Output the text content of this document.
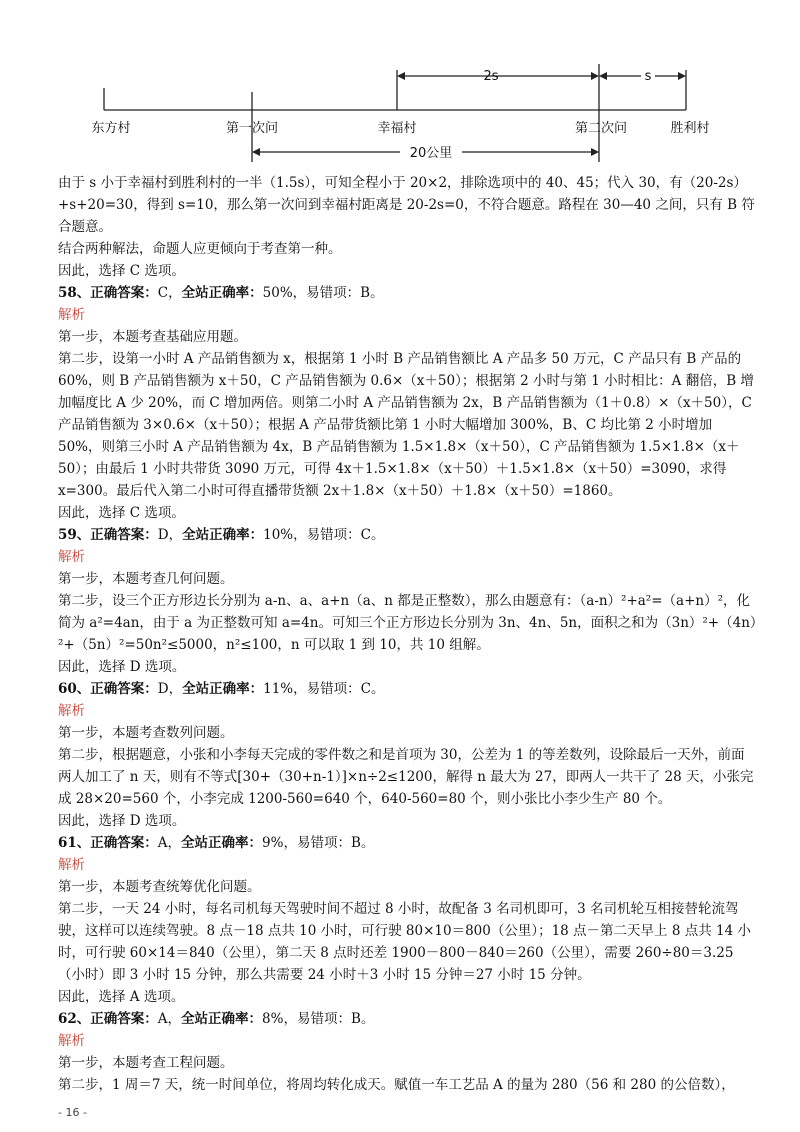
2s	s
20公里
东方村	第一次问	幸福村	第二次问	胜利村

由于 s 小于幸福村到胜利村的一半（1.5s），可知全程小于 20×2，排除选项中的 40、45；代入 30，有（20-2s）+s+20=30，得到 s=10，那么第一次问到幸福村距离是 20-2s=0，不符合题意。路程在 30—40 之间，只有 B 符合题意。

结合两种解法，命题人应更倾向于考查第一种。

因此，选择 C 选项。

58、正确答案：C，全站正确率：50%，易错项：B。

解析

第一步，本题考查基础应用题。

第二步，设第一小时 A 产品销售额为 x，根据第 1 小时 B 产品销售额比 A 产品多 50 万元，C 产品只有 B 产品的 60%，则 B 产品销售额为 x＋50，C 产品销售额为 0.6×（x＋50）；根据第 2 小时与第 1 小时相比：A 翻倍，B 增加幅度比 A 少 20%，而 C 增加两倍。则第二小时 A 产品销售额为 2x，B 产品销售额为（1＋0.8）×（x＋50），C 产品销售额为 3×0.6×（x＋50）；根据 A 产品带货额比第 1 小时大幅增加 300%，B、C 均比第 2 小时增加 50%，则第三小时 A 产品销售额为 4x，B 产品销售额为 1.5×1.8×（x＋50），C 产品销售额为 1.5×1.8×（x＋50）；由最后 1 小时共带货 3090 万元，可得 4x＋1.5×1.8×（x＋50）＋1.5×1.8×（x＋50）=3090，求得 x=300。最后代入第二小时可得直播带货额 2x＋1.8×（x＋50）＋1.8×（x＋50）=1860。

因此，选择 C 选项。

59、正确答案：D，全站正确率：10%，易错项：C。

解析

第一步，本题考查几何问题。

第二步，设三个正方形边长分别为 a-n、a、a+n（a、n 都是正整数），那么由题意有：（a-n）²+a²=（a+n）²，化简为 a²=4an，由于 a 为正整数可知 a=4n。可知三个正方形边长分别为 3n、4n、5n，面积之和为（3n）²+（4n）²+（5n）²=50n²≤5000，n²≤100，n 可以取 1 到 10，共 10 组解。

因此，选择 D 选项。

60、正确答案：D，全站正确率：11%，易错项：C。

解析

第一步，本题考查数列问题。

第二步，根据题意，小张和小李每天完成的零件数之和是首项为 30，公差为 1 的等差数列，设除最后一天外，前面两人加工了 n 天，则有不等式[30+（30+n-1）]×n÷2≤1200，解得 n 最大为 27，即两人一共干了 28 天，小张完成 28×20=560 个，小李完成 1200-560=640 个，640-560=80 个，则小张比小李少生产 80 个。

因此，选择 D 选项。

61、正确答案：A，全站正确率：9%，易错项：B。

解析

第一步，本题考查统筹优化问题。

第二步，一天 24 小时，每名司机每天驾驶时间不超过 8 小时，故配备 3 名司机即可，3 名司机轮互相接替轮流驾驶，这样可以连续驾驶。8 点－18 点共 10 小时，可行驶 80×10＝800（公里）；18 点－第二天早上 8 点共 14 小时，可行驶 60×14＝840（公里），第二天 8 点时还差 1900－800－840＝260（公里），需要 260÷80＝3.25（小时）即 3 小时 15 分钟，那么共需要 24 小时＋3 小时 15 分钟＝27 小时 15 分钟。

因此，选择 A 选项。

62、正确答案：A，全站正确率：8%，易错项：B。

解析

第一步，本题考查工程问题。

第二步，1 周＝7 天，统一时间单位，将周均转化成天。赋值一车工艺品 A 的量为 280（56 和 280 的公倍数），

- 16 -
